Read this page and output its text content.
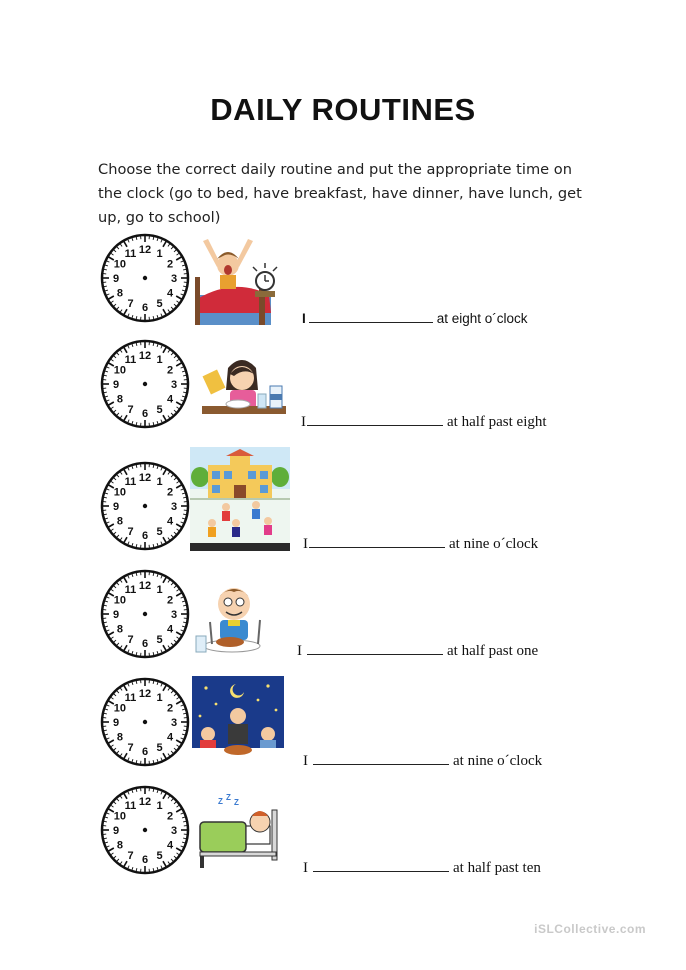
DAILY ROUTINES
Choose the correct daily routine and put the appropriate time on the clock (go to bed, have breakfast, have dinner, have lunch, get up, go to school)
12 1
2
3
4
5
6
7
8
9
10
11
I	at eight o´clock
12 1
2
3
4
5
6
7
8
9
10
11
I	at half past eight
12 1
2
3
4
5
6
7
8
9
10
11
I	at nine o´clock
12 1
2
3
4
5
6
7
8
9
10
11
I	at half past one
12 1
2
3
4
5
6
7
8
9
10
11
I	at nine o´clock
12 1
2
3
4
5
6
7
8
9
10
11	Z Z
Z
I	at half past ten
iSLCollective.com
